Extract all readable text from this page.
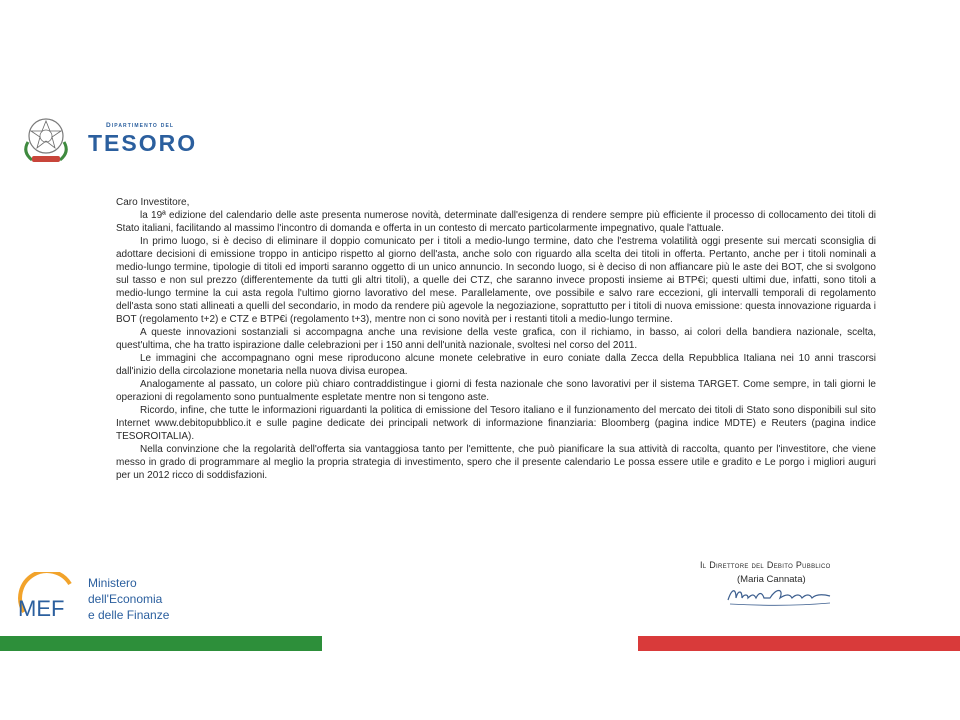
Dipartimento del
TESORO

Caro Investitore,

la 19ª edizione del calendario delle aste presenta numerose novità, determinate dall'esigenza di rendere sempre più efficiente il processo di collocamento dei titoli di Stato italiani, facilitando al massimo l'incontro di domanda e offerta in un contesto di mercato particolarmente impegnativo, quale l'attuale.

In primo luogo, si è deciso di eliminare il doppio comunicato per i titoli a medio-lungo termine, dato che l'estrema volatilità oggi presente sui mercati sconsiglia di adottare decisioni di emissione troppo in anticipo rispetto al giorno dell'asta, anche solo con riguardo alla scelta dei titoli in offerta. Pertanto, anche per i titoli nominali a medio-lungo termine, tipologie di titoli ed importi saranno oggetto di un unico annuncio. In secondo luogo, si è deciso di non affiancare più le aste dei BOT, che si svolgono sul tasso e non sul prezzo (differentemente da tutti gli altri titoli), a quelle dei CTZ, che saranno invece proposti insieme ai BTP€i; questi ultimi due, infatti, sono titoli a medio-lungo termine la cui asta regola l'ultimo giorno lavorativo del mese. Parallelamente, ove possibile e salvo rare eccezioni, gli intervalli temporali di regolamento dell'asta sono stati allineati a quelli del secondario, in modo da rendere più agevole la negoziazione, soprattutto per i titoli di nuova emissione: questa innovazione riguarda i BOT (regolamento t+2) e CTZ e BTP€i (regolamento t+3), mentre non ci sono novità per i restanti titoli a medio-lungo termine.

A queste innovazioni sostanziali si accompagna anche una revisione della veste grafica, con il richiamo, in basso, ai colori della bandiera nazionale, scelta, quest'ultima, che ha tratto ispirazione dalle celebrazioni per i 150 anni dell'unità nazionale, svoltesi nel corso del 2011.

Le immagini che accompagnano ogni mese riproducono alcune monete celebrative in euro coniate dalla Zecca della Repubblica Italiana nei 10 anni trascorsi dall'inizio della circolazione monetaria nella nuova divisa europea.

Analogamente al passato, un colore più chiaro contraddistingue i giorni di festa nazionale che sono lavorativi per il sistema TARGET. Come sempre, in tali giorni le operazioni di regolamento sono puntualmente espletate mentre non si tengono aste.

Ricordo, infine, che tutte le informazioni riguardanti la politica di emissione del Tesoro italiano e il funzionamento del mercato dei titoli di Stato sono disponibili sul sito Internet www.debitopubblico.it e sulle pagine dedicate dei principali network di informazione finanziaria: Bloomberg (pagina indice MDTE) e Reuters (pagina indice TESOROITALIA).

Nella convinzione che la regolarità dell'offerta sia vantaggiosa tanto per l'emittente, che può pianificare la sua attività di raccolta, quanto per l'investitore, che viene messo in grado di programmare al meglio la propria strategia di investimento, spero che il presente calendario Le possa essere utile e gradito e Le porgo i migliori auguri per un 2012 ricco di soddisfazioni.

Il Direttore del Debito Pubblico
(Maria Cannata)
MEF
Ministero
dell'Economia
e delle Finanze
